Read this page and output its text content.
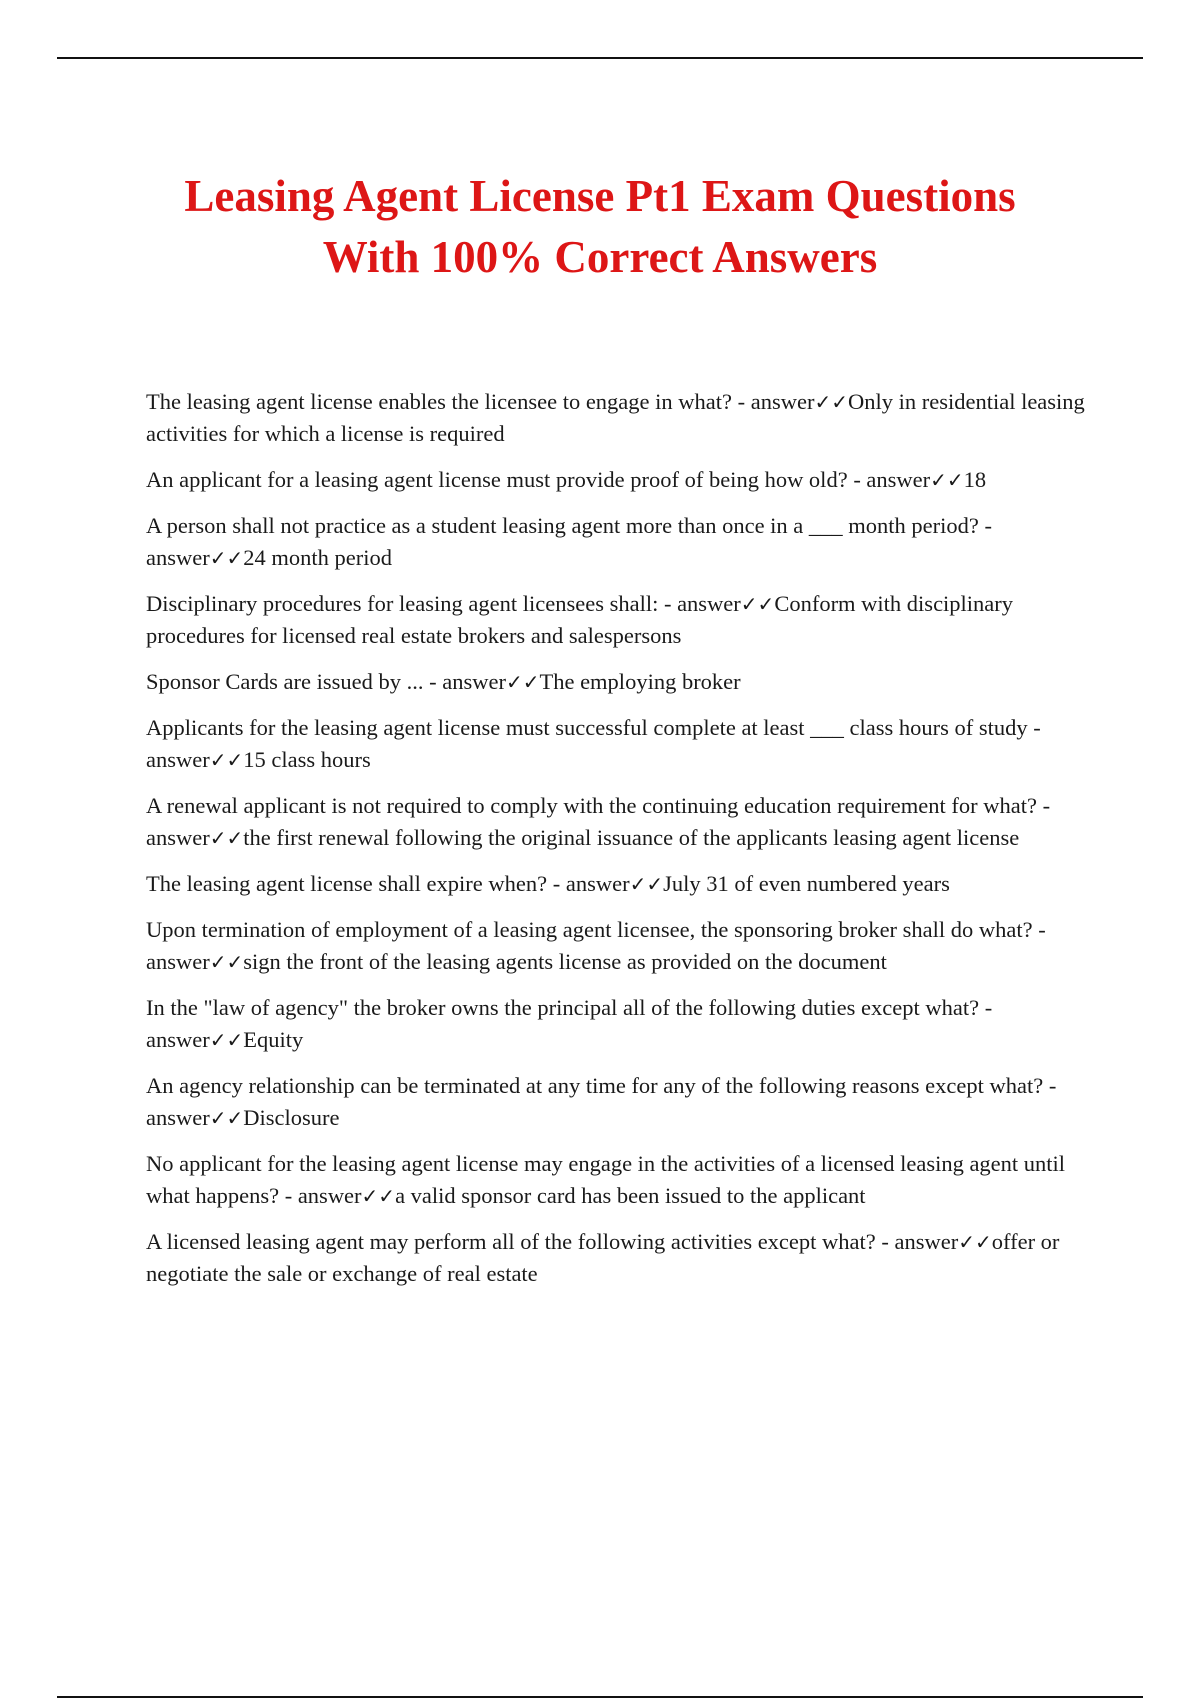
Leasing Agent License Pt1 Exam Questions
With 100% Correct Answers
The leasing agent license enables the licensee to engage in what? - answer✓✓Only in residential leasing activities for which a license is required
An applicant for a leasing agent license must provide proof of being how old? - answer✓✓18
A person shall not practice as a student leasing agent more than once in a ___ month period? - answer✓✓24 month period
Disciplinary procedures for leasing agent licensees shall: - answer✓✓Conform with disciplinary procedures for licensed real estate brokers and salespersons
Sponsor Cards are issued by ... - answer✓✓The employing broker
Applicants for the leasing agent license must successful complete at least ___ class hours of study - answer✓✓15 class hours
A renewal applicant is not required to comply with the continuing education requirement for what? - answer✓✓the first renewal following the original issuance of the applicants leasing agent license
The leasing agent license shall expire when? - answer✓✓July 31 of even numbered years
Upon termination of employment of a leasing agent licensee, the sponsoring broker shall do what? - answer✓✓sign the front of the leasing agents license as provided on the document
In the "law of agency" the broker owns the principal all of the following duties except what? - answer✓✓Equity
An agency relationship can be terminated at any time for any of the following reasons except what? - answer✓✓Disclosure
No applicant for the leasing agent license may engage in the activities of a licensed leasing agent until what happens? - answer✓✓a valid sponsor card has been issued to the applicant
A licensed leasing agent may perform all of the following activities except what? - answer✓✓offer or negotiate the sale or exchange of real estate
